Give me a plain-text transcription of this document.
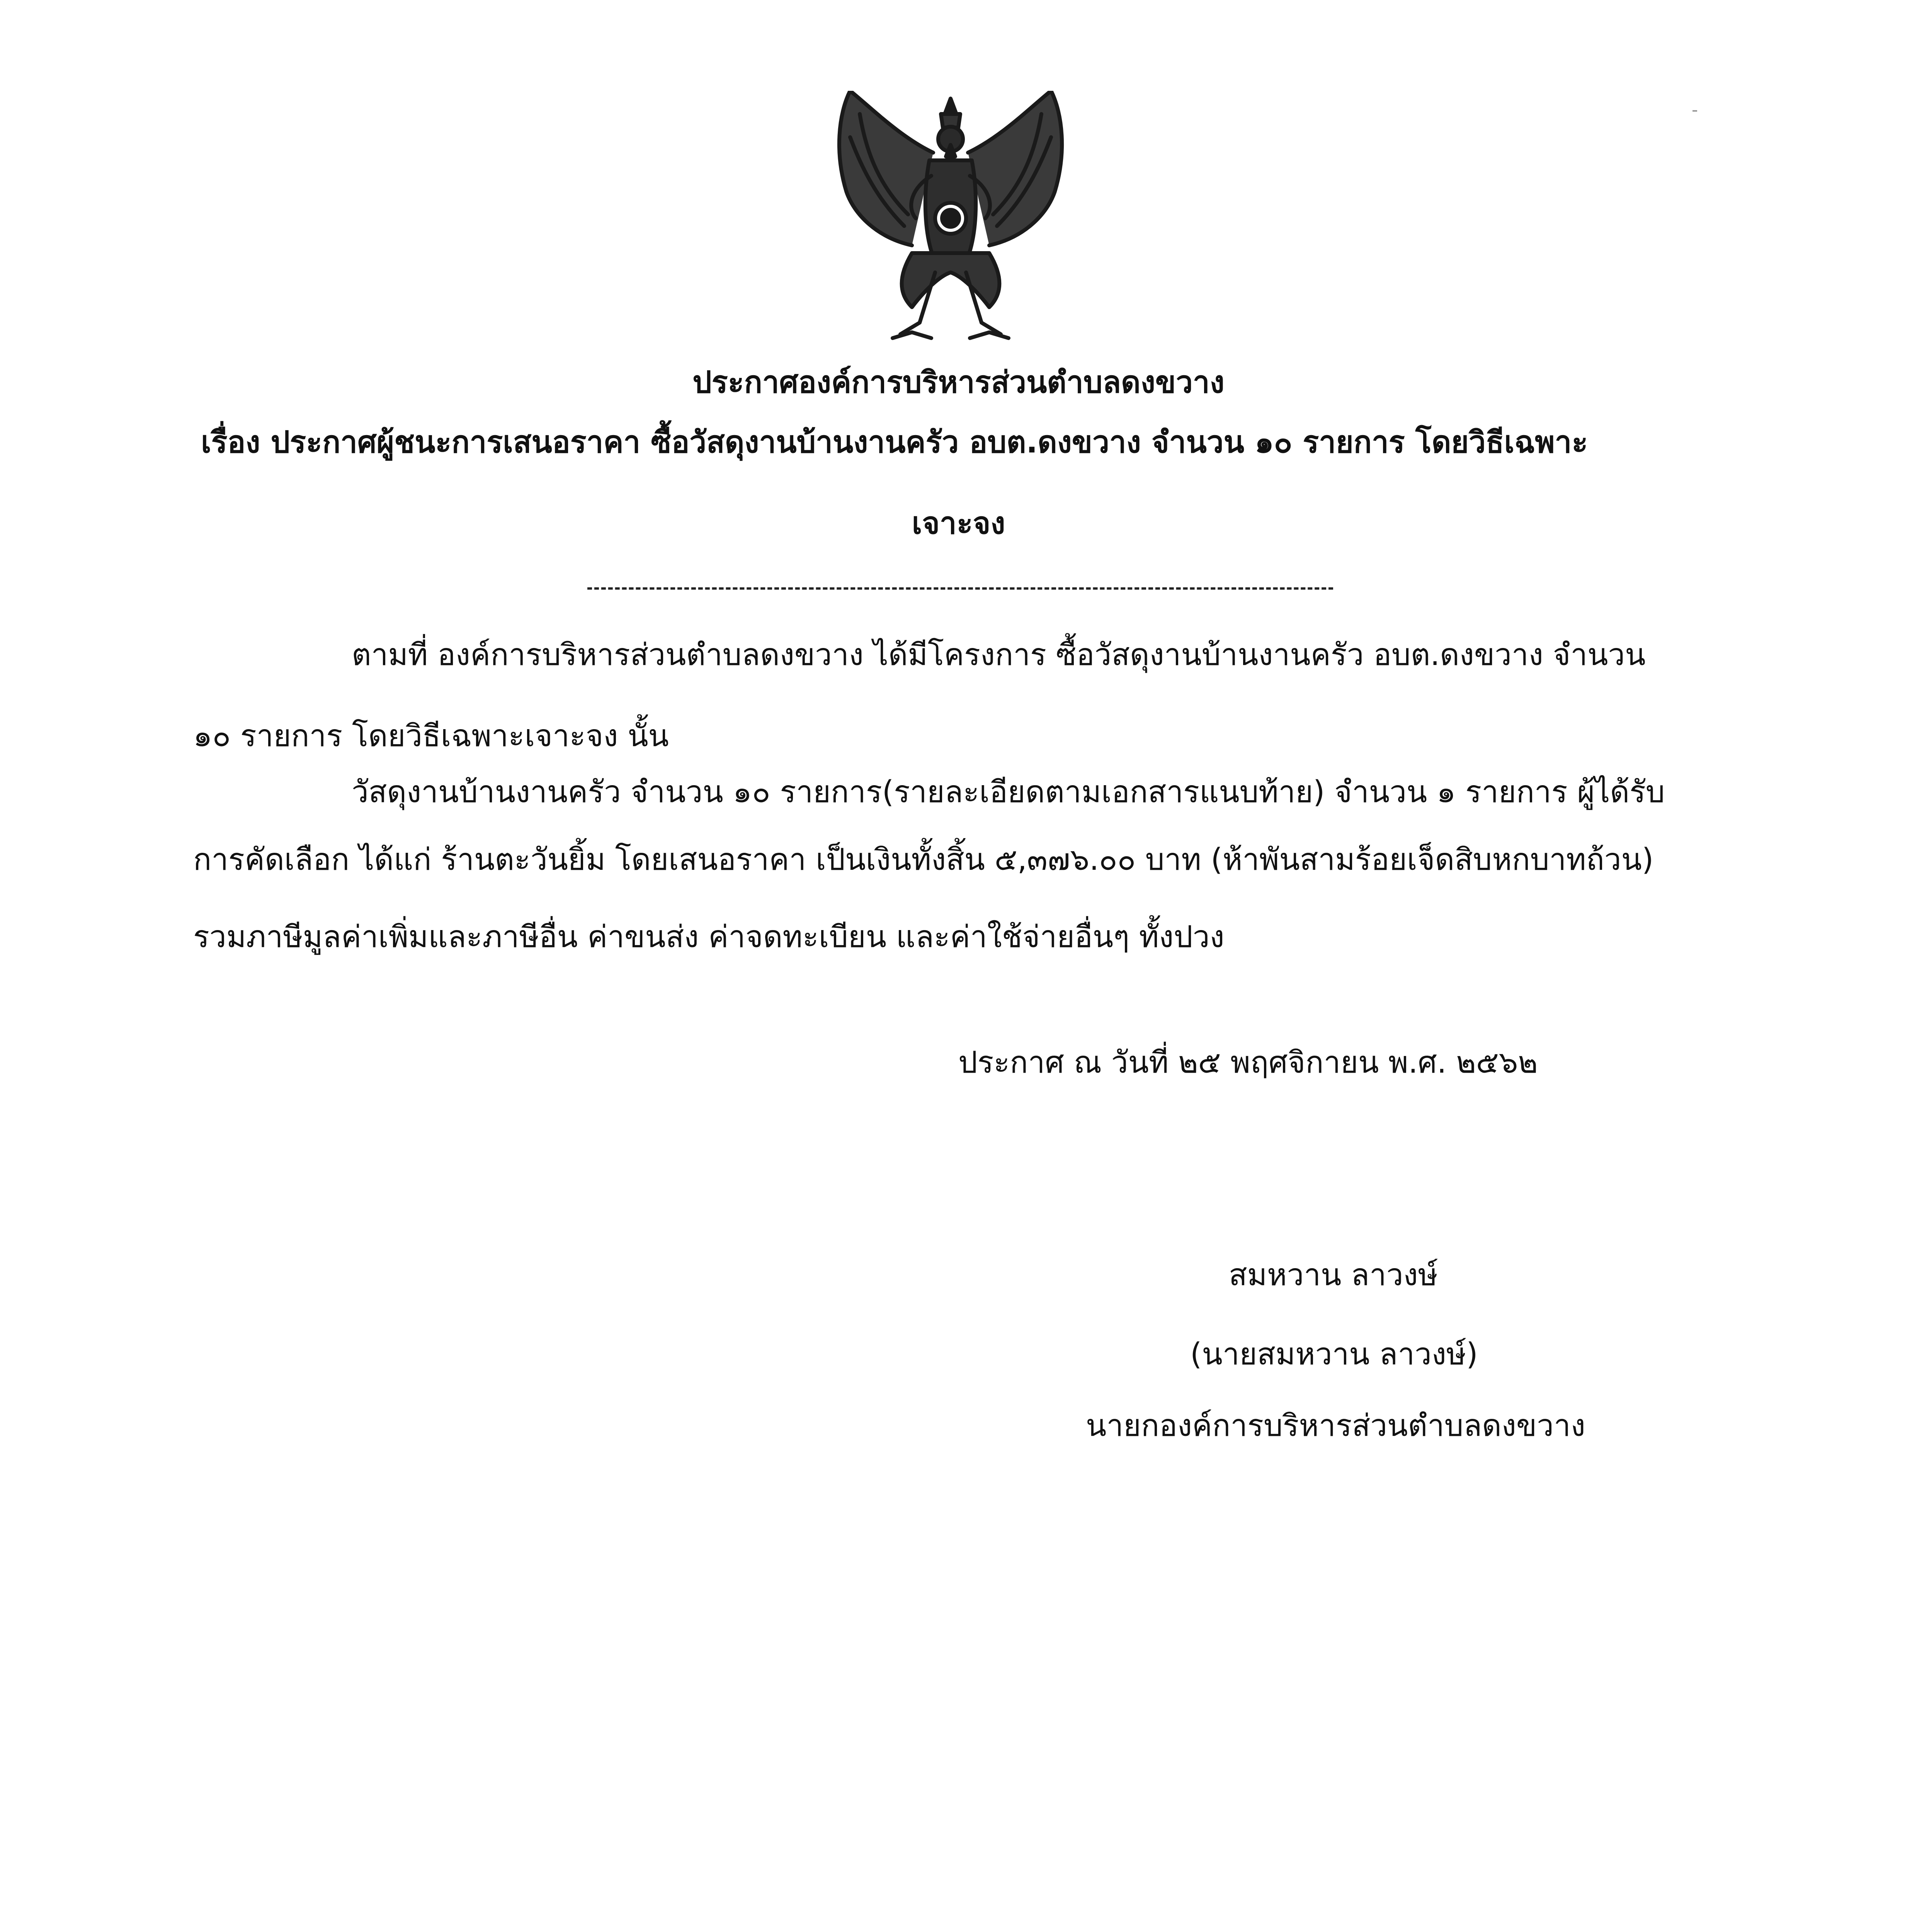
ประกาศองค์การบริหารส่วนตำบลดงขวาง
เรื่อง ประกาศผู้ชนะการเสนอราคา ซื้อวัสดุงานบ้านงานครัว อบต.ดงขวาง จำนวน ๑๐ รายการ โดยวิธีเฉพาะ
เจาะจง
ตามที่ องค์การบริหารส่วนตำบลดงขวาง ได้มีโครงการ ซื้อวัสดุงานบ้านงานครัว อบต.ดงขวาง จำนวน
๑๐ รายการ โดยวิธีเฉพาะเจาะจง นั้น
วัสดุงานบ้านงานครัว จำนวน ๑๐ รายการ(รายละเอียดตามเอกสารแนบท้าย) จำนวน ๑ รายการ ผู้ได้รับ
การคัดเลือก ได้แก่ ร้านตะวันยิ้ม โดยเสนอราคา เป็นเงินทั้งสิ้น ๕,๓๗๖.๐๐ บาท (ห้าพันสามร้อยเจ็ดสิบหกบาทถ้วน)
รวมภาษีมูลค่าเพิ่มและภาษีอื่น ค่าขนส่ง ค่าจดทะเบียน และค่าใช้จ่ายอื่นๆ ทั้งปวง
ประกาศ ณ วันที่ ๒๕ พฤศจิกายน พ.ศ. ๒๕๖๒
สมหวาน ลาวงษ์
(นายสมหวาน ลาวงษ์)
นายกองค์การบริหารส่วนตำบลดงขวาง
